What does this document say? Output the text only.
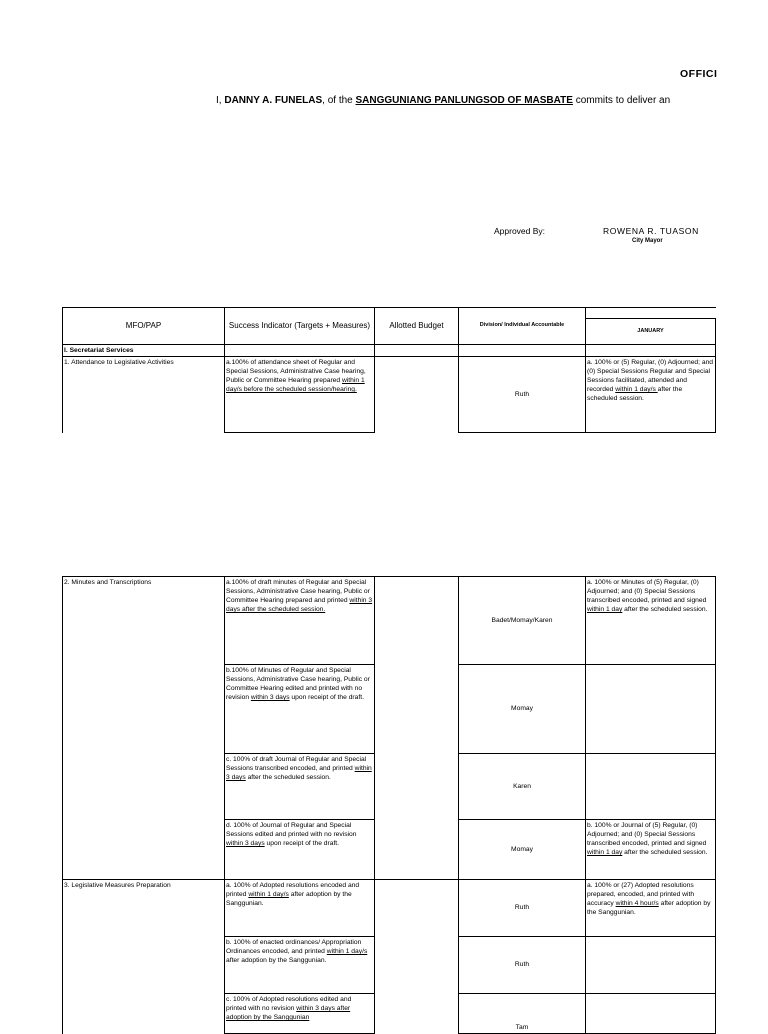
OFFICI
I, DANNY A. FUNELAS, of the SANGGUNIANG PANLUNGSOD OF MASBATE commits to deliver an
Approved By:	ROWENA R. TUASON
City Mayor
MFO/PAP	Success Indicator (Targets + Measures)	Allotted Budget	Division/ Individual Accountable	
				JANUARY
I. Secretariat Services				
1. Attendance to Legislative Activities	a.100% of attendance sheet of Regular and Special Sessions, Administrative Case hearing, Public or Committee Hearing prepared within 1 day/s before the scheduled session/hearing.		Ruth	a. 100% or (5) Regular, (0) Adjourned; and (0) Special Sessions Regular and Special Sessions facilitated, attended and recorded within 1 day/s after the scheduled session.
2. Minutes and Transcriptions	a.100% of draft minutes of Regular and Special Sessions, Administrative Case hearing, Public or Committee Hearing prepared and printed within 3 days after the scheduled session.		Badet/Momay/Karen	a. 100% or Minutes of (5) Regular, (0) Adjourned; and (0) Special Sessions transcribed encoded, printed and signed within 1 day after the scheduled session.
	b.100% of Minutes of Regular and Special Sessions, Administrative Case hearing, Public or Committee Hearing edited and printed with no revision within 3 days upon receipt of the draft.		Momay	
	c. 100% of draft Journal of Regular and Special Sessions transcribed encoded, and printed within 3 days after the scheduled session.		Karen	
	d. 100% of Journal of Regular and Special Sessions edited and printed with no revision within 3 days upon receipt of the draft.		Momay	b. 100% or Journal of (5) Regular, (0) Adjourned; and (0) Special Sessions transcribed encoded, printed and signed within 1 day after the scheduled session.
3. Legislative Measures Preparation	a. 100% of Adopted resolutions encoded and printed within 1 day/s after adoption by the Sanggunian.		Ruth	a. 100% or (27) Adopted resolutions prepared, encoded, and printed with accuracy within 4 hour/s after adoption by the Sanggunian.
	b. 100% of enacted ordinances/ Appropriation Ordinances encoded, and printed within 1 day/s after adoption by the Sanggunian.		Ruth	
	c. 100% of Adopted resolutions edited and printed with no revision within 3 days after adoption by the Sanggunian		Tam	
